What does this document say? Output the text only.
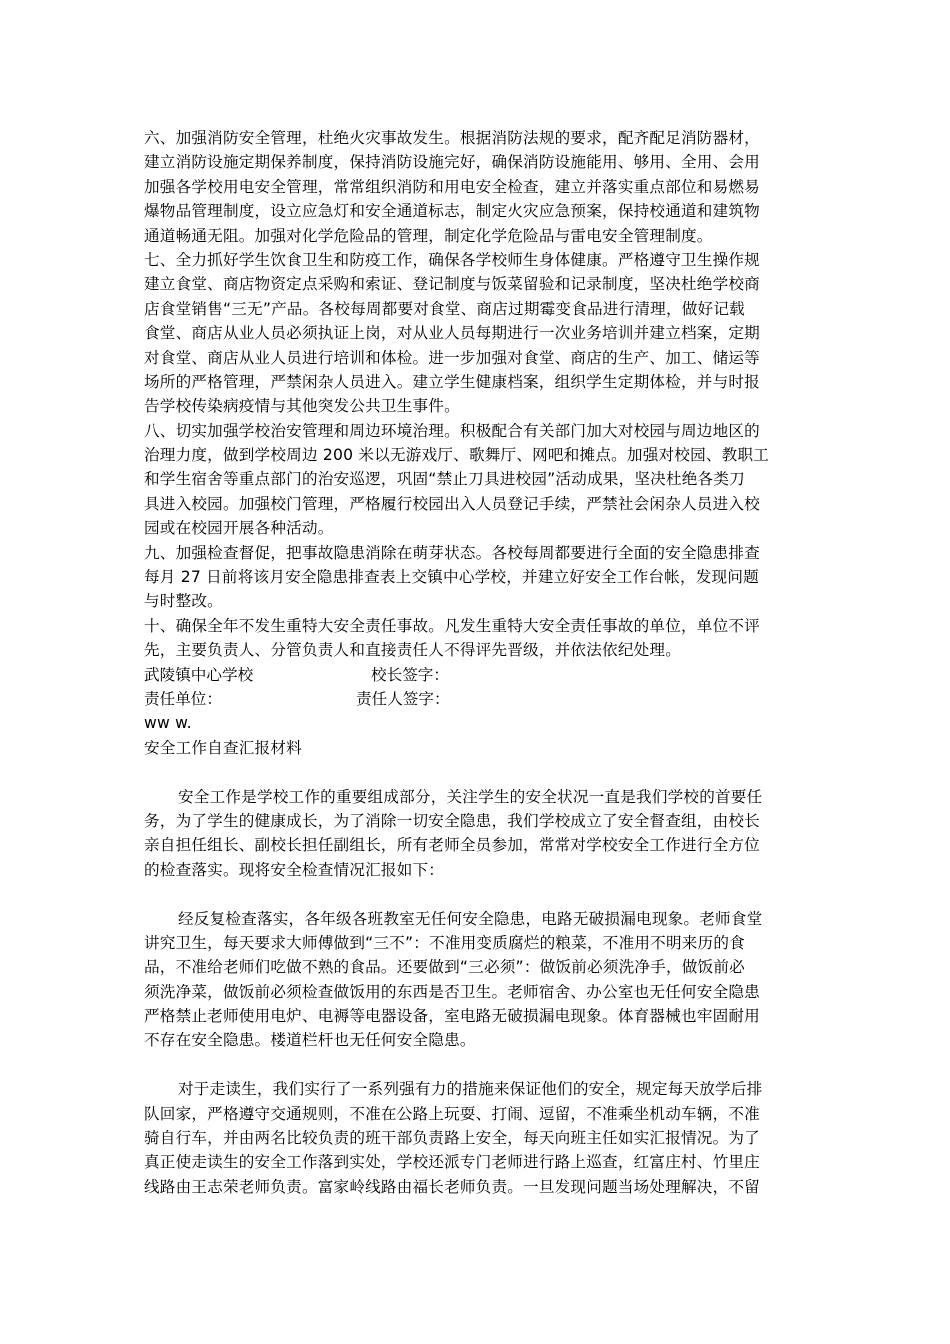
六、加强消防安全管理，杜绝火灾事故发生。根据消防法规的要求，配齐配足消防器材，
建立消防设施定期保养制度，保持消防设施完好，确保消防设施能用、够用、全用、会用
加强各学校用电安全管理，常常组织消防和用电安全检查，建立并落实重点部位和易燃易
爆物品管理制度，设立应急灯和安全通道标志，制定火灾应急预案，保持校通道和建筑物
通道畅通无阻。加强对化学危险品的管理，制定化学危险品与雷电安全管理制度。
七、全力抓好学生饮食卫生和防疫工作，确保各学校师生身体健康。严格遵守卫生操作规
建立食堂、商店物资定点采购和索证、登记制度与饭菜留验和记录制度，坚决杜绝学校商
店食堂销售“三无”产品。各校每周都要对食堂、商店过期霉变食品进行清理，做好记载
食堂、商店从业人员必须执证上岗，对从业人员每期进行一次业务培训并建立档案，定期
对食堂、商店从业人员进行培训和体检。进一步加强对食堂、商店的生产、加工、储运等
场所的严格管理，严禁闲杂人员进入。建立学生健康档案，组织学生定期体检，并与时报
告学校传染病疫情与其他突发公共卫生事件。
八、切实加强学校治安管理和周边环境治理。积极配合有关部门加大对校园与周边地区的
治理力度，做到学校周边 200 米以无游戏厅、歌舞厅、网吧和摊点。加强对校园、教职工
和学生宿舍等重点部门的治安巡逻，巩固“禁止刀具进校园”活动成果，坚决杜绝各类刀
具进入校园。加强校门管理，严格履行校园出入人员登记手续，严禁社会闲杂人员进入校
园或在校园开展各种活动。
九、加强检查督促，把事故隐患消除在萌芽状态。各校每周都要进行全面的安全隐患排查
每月 27 日前将该月安全隐患排查表上交镇中心学校，并建立好安全工作台帐，发现问题
与时整改。
十、确保全年不发生重特大安全责任事故。凡发生重特大安全责任事故的单位，单位不评
先，主要负责人、分管负责人和直接责任人不得评先晋级，并依法依纪处理。
武陵镇中心学校	校长签字：
责任单位：	责任人签字：
ww w.
安全工作自查汇报材料
安全工作是学校工作的重要组成部分，关注学生的安全状况一直是我们学校的首要任
务，为了学生的健康成长，为了消除一切安全隐患，我们学校成立了安全督查组，由校长
亲自担任组长、副校长担任副组长，所有老师全员参加，常常对学校安全工作进行全方位
的检查落实。现将安全检查情况汇报如下：
经反复检查落实，各年级各班教室无任何安全隐患，电路无破损漏电现象。老师食堂
讲究卫生，每天要求大师傅做到“三不”：不准用变质腐烂的粮菜，不准用不明来历的食
品，不准给老师们吃做不熟的食品。还要做到“三必须”：做饭前必须洗净手，做饭前必
须洗净菜，做饭前必须检查做饭用的东西是否卫生。老师宿舍、办公室也无任何安全隐患
严格禁止老师使用电炉、电褥等电器设备，室电路无破损漏电现象。体育器械也牢固耐用
不存在安全隐患。楼道栏杆也无任何安全隐患。
对于走读生，我们实行了一系列强有力的措施来保证他们的安全，规定每天放学后排
队回家，严格遵守交通规则，不准在公路上玩耍、打闹、逗留，不准乘坐机动车辆，不准
骑自行车，并由两名比较负责的班干部负责路上安全，每天向班主任如实汇报情况。为了
真正使走读生的安全工作落到实处，学校还派专门老师进行路上巡查，红富庄村、竹里庄
线路由王志荣老师负责。富家岭线路由福长老师负责。一旦发现问题当场处理解决，不留
